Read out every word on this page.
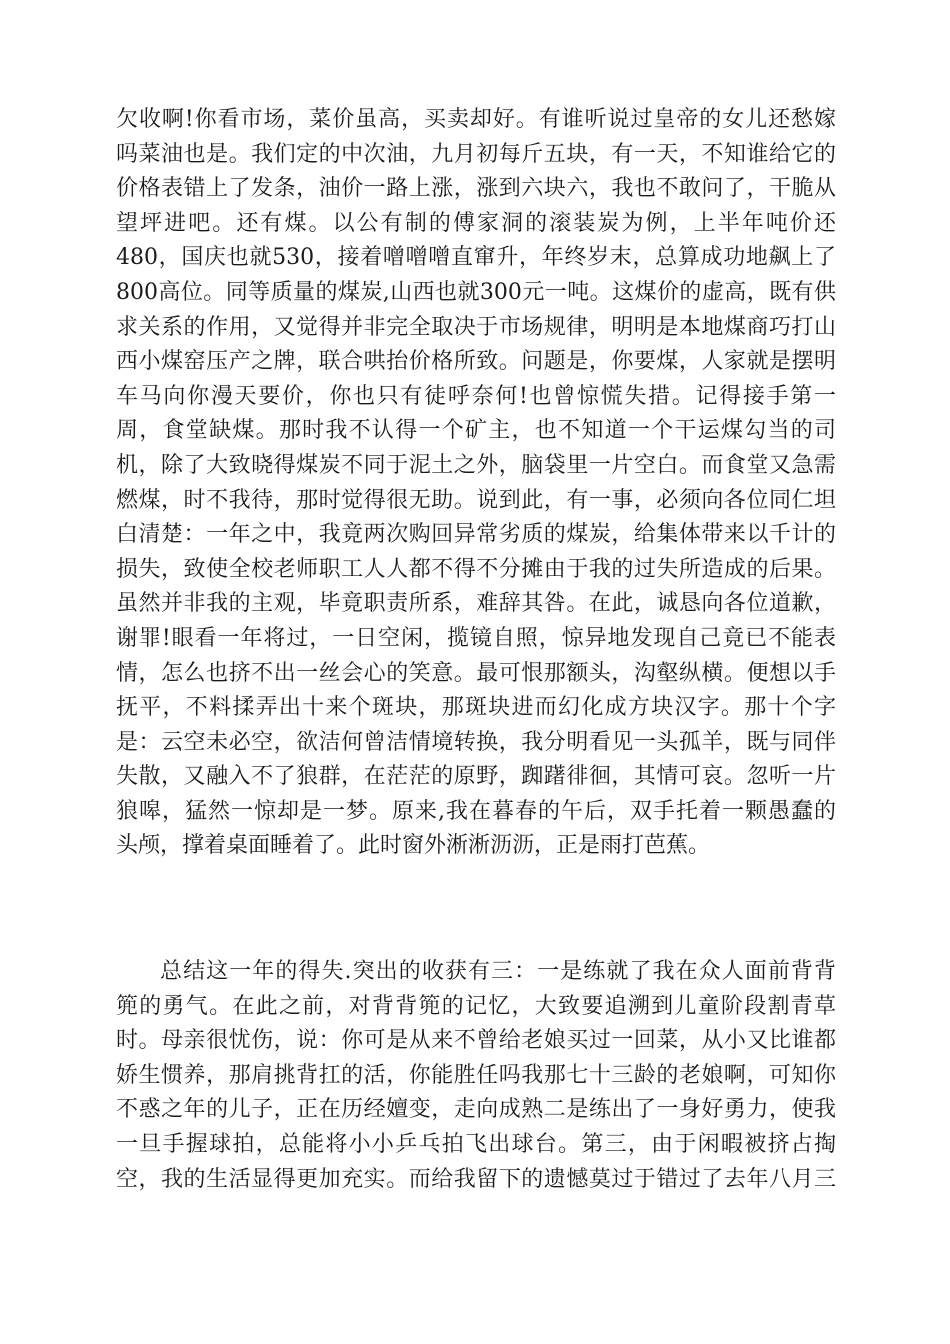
欠收啊!你看市场，菜价虽高，买卖却好。有谁听说过皇帝的女儿还愁嫁
吗菜油也是。我们定的中次油，九月初每斤五块，有一天，不知谁给它的
价格表错上了发条，油价一路上涨，涨到六块六，我也不敢问了，干脆从
望坪进吧。还有煤。以公有制的傅家洞的滚装炭为例，上半年吨价还
480，国庆也就530，接着噌噌噌直窜升，年终岁末，总算成功地飙上了
800高位。同等质量的煤炭,山西也就300元一吨。这煤价的虚高，既有供
求关系的作用，又觉得并非完全取决于市场规律，明明是本地煤商巧打山
西小煤窑压产之牌，联合哄抬价格所致。问题是，你要煤，人家就是摆明
车马向你漫天要价，你也只有徒呼奈何!也曾惊慌失措。记得接手第一
周，食堂缺煤。那时我不认得一个矿主，也不知道一个干运煤勾当的司
机，除了大致晓得煤炭不同于泥土之外，脑袋里一片空白。而食堂又急需
燃煤，时不我待，那时觉得很无助。说到此，有一事，必须向各位同仁坦
白清楚：一年之中，我竟两次购回异常劣质的煤炭，给集体带来以千计的
损失，致使全校老师职工人人都不得不分摊由于我的过失所造成的后果。
虽然并非我的主观，毕竟职责所系，难辞其咎。在此，诚恳向各位道歉，
谢罪!眼看一年将过，一日空闲，揽镜自照，惊异地发现自己竟已不能表
情，怎么也挤不出一丝会心的笑意。最可恨那额头，沟壑纵横。便想以手
抚平，不料揉弄出十来个斑块，那斑块进而幻化成方块汉字。那十个字
是：云空未必空，欲洁何曾洁情境转换，我分明看见一头孤羊，既与同伴
失散，又融入不了狼群，在茫茫的原野，踟躇徘徊，其情可哀。忽听一片
狼嗥，猛然一惊却是一梦。原来,我在暮春的午后，双手托着一颗愚蠢的
头颅，撑着桌面睡着了。此时窗外淅淅沥沥，正是雨打芭蕉。
总结这一年的得失.突出的收获有三：一是练就了我在众人面前背背
篼的勇气。在此之前，对背背篼的记忆，大致要追溯到儿童阶段割青草
时。母亲很忧伤，说：你可是从来不曾给老娘买过一回菜，从小又比谁都
娇生惯养，那肩挑背扛的活，你能胜任吗我那七十三龄的老娘啊，可知你
不惑之年的儿子，正在历经嬗变，走向成熟二是练出了一身好勇力，使我
一旦手握球拍，总能将小小乒乓拍飞出球台。第三，由于闲暇被挤占掏
空，我的生活显得更加充实。而给我留下的遗憾莫过于错过了去年八月三
